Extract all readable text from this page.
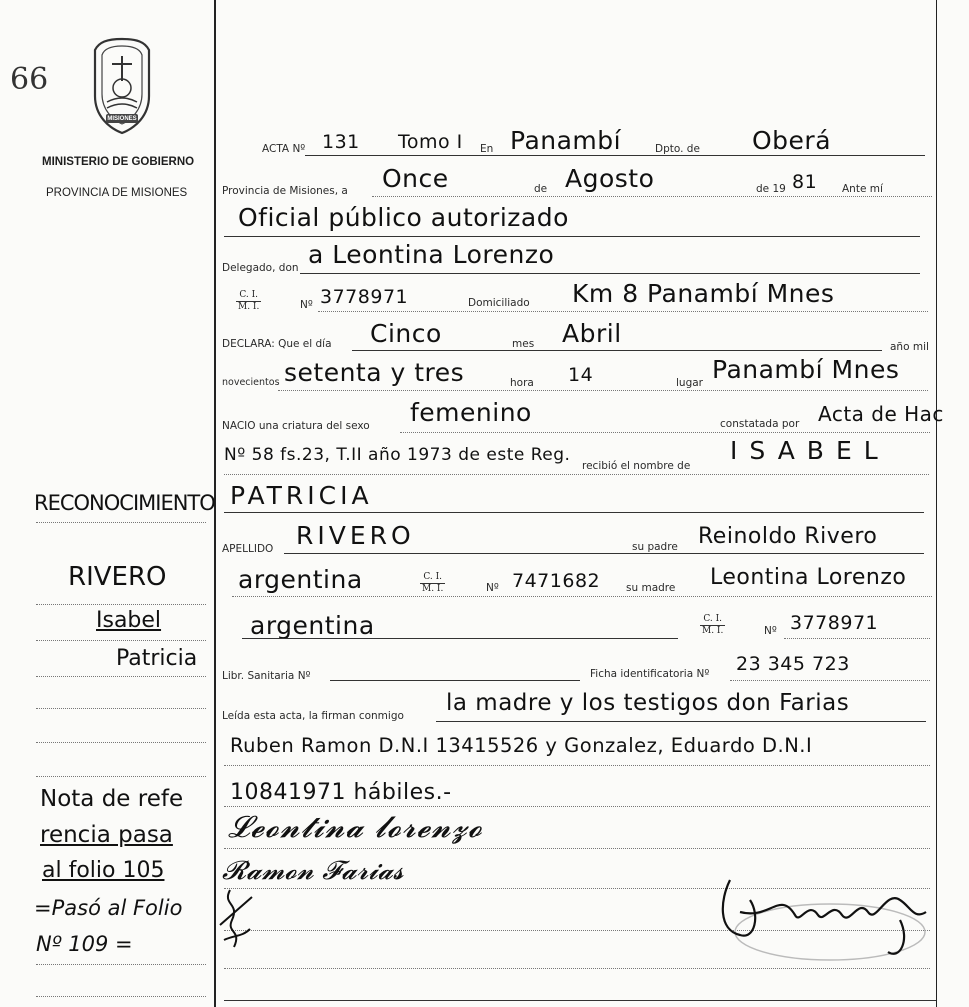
66
MISIONES
MINISTERIO DE GOBIERNO
PROVINCIA DE MISIONES
ACTA Nº 131 Tomo I En Panambí	Dpto. de Oberá
Provincia de Misiones, a Once	de Agosto	de 19 81 Ante mí
Oficial público autorizado
Delegado, don a Leontina Lorenzo
$\frac{C. I.}{M. I.}$	Nº 3778971	Domiciliado Km 8 Panambí Mnes
DECLARA: Que el día Cinco	mes Abril	año mil
novecientos setenta y tres	hora 14	lugar Panambí Mnes
NACIO una criatura del sexo femenino	constatada por Acta de Hac
Nº 58 fs.23, T.II año 1973 de este Reg.
recibió el nombre de
ISABEL
PATRICIA
APELLIDO RIVERO	su padre Reinoldo Rivero
argentina	$\frac{C. I.}{M. I.}$	Nº 7471682 su madre Leontina Lorenzo
argentina	$\frac{C. I.}{M. I.}$	Nº 3778971
Libr. Sanitaria Nº	Ficha identificatoria Nº 23 345 723
Leída esta acta, la firman conmigo la madre y los testigos don Farias
Ruben Ramon D.N.I 13415526 y Gonzalez, Eduardo D.N.I
10841971 hábiles.-
𝓛𝓮𝓸𝓷𝓽𝓲𝓷𝓪 𝓵𝓸𝓻𝓮𝓷𝔃𝓸
𝓡𝓪𝓶𝓸𝓷 𝓕𝓪𝓻𝓲𝓪𝓼
RECONOCIMIENTO
RIVERO
Isabel
Patricia
Nota de refe
rencia pasa
al folio 105
=Pasó al Folio
Nº 109 =
